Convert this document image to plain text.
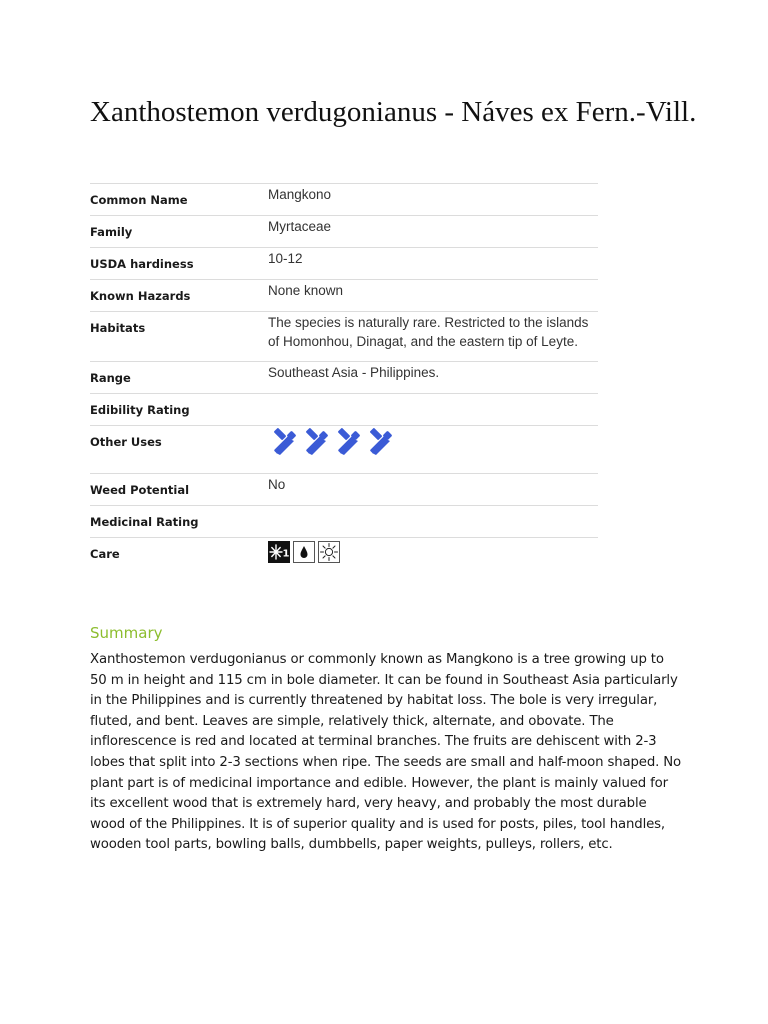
Xanthostemon verdugonianus - Náves ex Fern.-Vill.
Common Name	Mangkono
Family	Myrtaceae
USDA hardiness	10-12
Known Hazards	None known
Habitats	The species is naturally rare. Restricted to the islands of Homonhou, Dinagat, and the eastern tip of Leyte.
Range	Southeast Asia - Philippines.
Edibility Rating	
Other Uses	

Weed Potential	No
Medicinal Rating	
Care	1
Summary

Xanthostemon verdugonianus or commonly known as Mangkono is a tree growing up to 50 m in height and 115 cm in bole diameter. It can be found in Southeast Asia particularly in the Philippines and is currently threatened by habitat loss. The bole is very irregular, fluted, and bent. Leaves are simple, relatively thick, alternate, and obovate. The inflorescence is red and located at terminal branches. The fruits are dehiscent with 2-3 lobes that split into 2-3 sections when ripe. The seeds are small and half-moon shaped. No plant part is of medicinal importance and edible. However, the plant is mainly valued for its excellent wood that is extremely hard, very heavy, and probably the most durable wood of the Philippines. It is of superior quality and is used for posts, piles, tool handles, wooden tool parts, bowling balls, dumbbells, paper weights, pulleys, rollers, etc.
